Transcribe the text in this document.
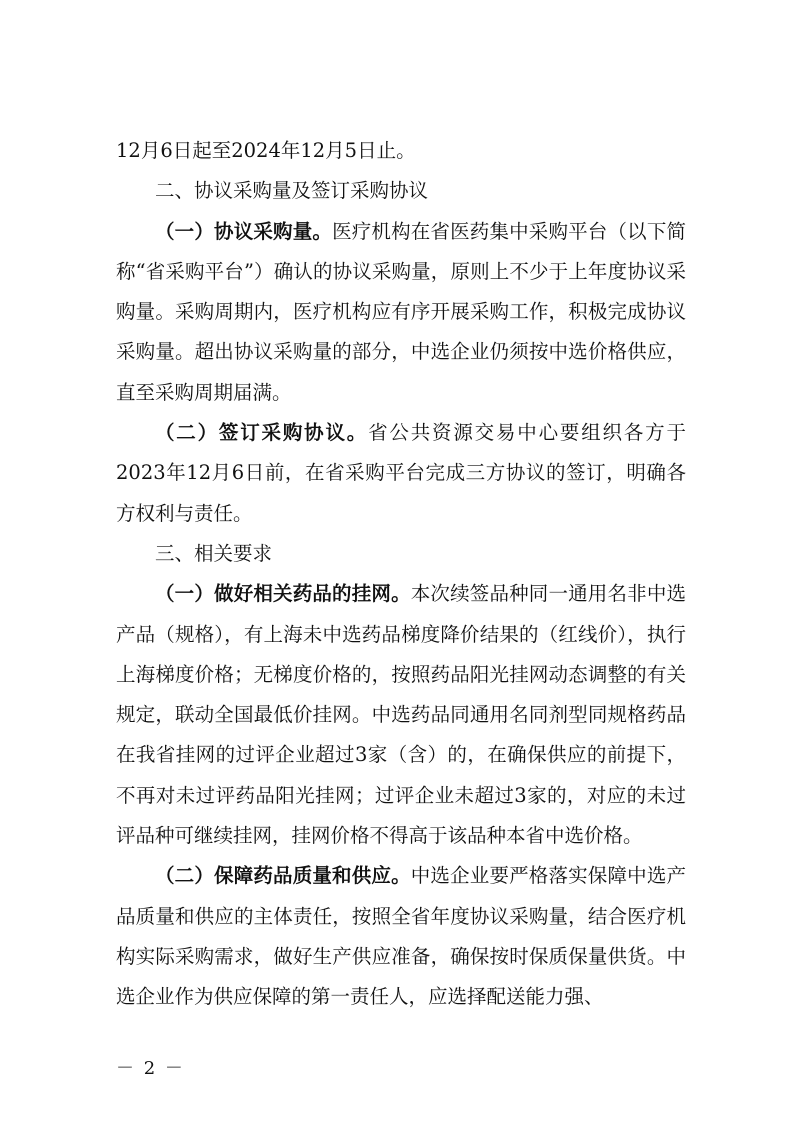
12月6日起至2024年12月5日止。

二、协议采购量及签订采购协议

（一）协议采购量。医疗机构在省医药集中采购平台（以下简称“省采购平台”）确认的协议采购量，原则上不少于上年度协议采购量。采购周期内，医疗机构应有序开展采购工作，积极完成协议采购量。超出协议采购量的部分，中选企业仍须按中选价格供应，直至采购周期届满。

（二）签订采购协议。省公共资源交易中心要组织各方于2023年12月6日前，在省采购平台完成三方协议的签订，明确各方权利与责任。

三、相关要求

（一）做好相关药品的挂网。本次续签品种同一通用名非中选产品（规格），有上海未中选药品梯度降价结果的（红线价），执行上海梯度价格；无梯度价格的，按照药品阳光挂网动态调整的有关规定，联动全国最低价挂网。中选药品同通用名同剂型同规格药品在我省挂网的过评企业超过3家（含）的，在确保供应的前提下，不再对未过评药品阳光挂网；过评企业未超过3家的，对应的未过评品种可继续挂网，挂网价格不得高于该品种本省中选价格。

（二）保障药品质量和供应。中选企业要严格落实保障中选产品质量和供应的主体责任，按照全省年度协议采购量，结合医疗机构实际采购需求，做好生产供应准备，确保按时保质保量供货。中选企业作为供应保障的第一责任人，应选择配送能力强、

－ 2 －
